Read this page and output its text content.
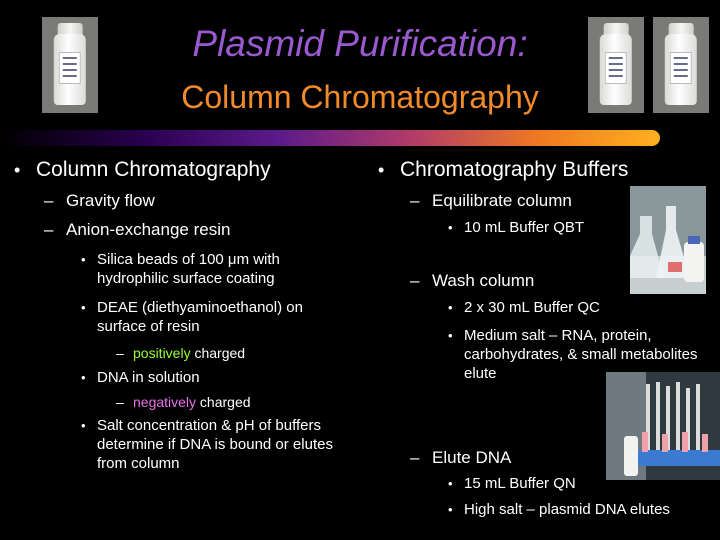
Plasmid Purification:
Column Chromatography
• Column Chromatography
– Gravity flow
– Anion-exchange resin
• Silica beads of 100 μm with hydrophilic surface coating
• DEAE (diethyaminoethanol) on surface of resin
– positively charged
• DNA in solution
– negatively charged
• Salt concentration & pH of buffers determine if DNA is bound or elutes from column
• Chromatography Buffers
– Equilibrate column
• 10 mL Buffer QBT
– Wash column
• 2 x 30 mL Buffer QC
• Medium salt – RNA, protein, carbohydrates, & small metabolites elute
– Elute DNA
• 15 mL Buffer QN
• High salt – plasmid DNA elutes
